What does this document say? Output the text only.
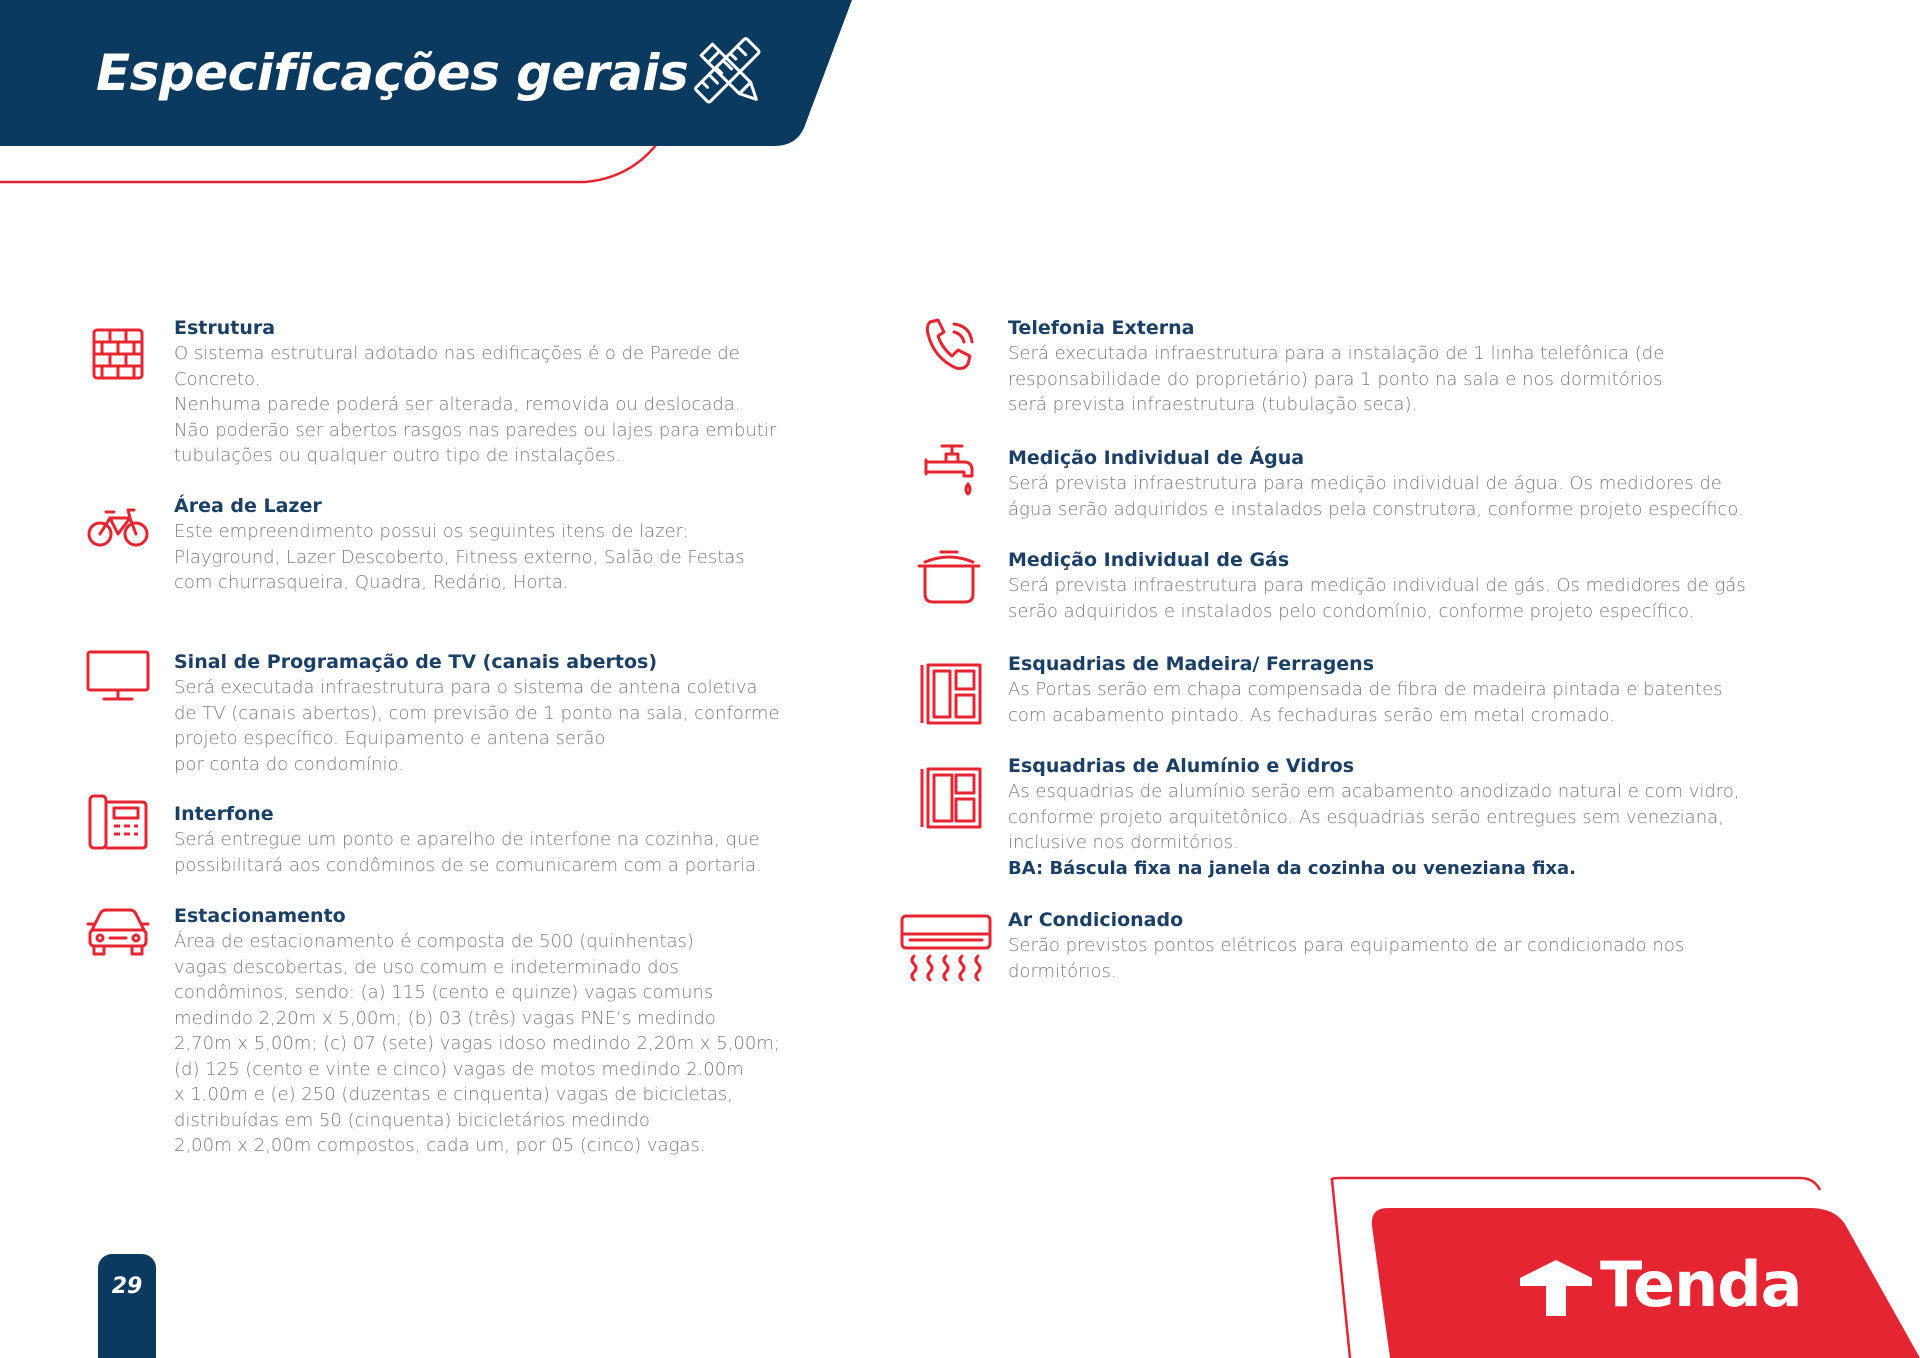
Especificações gerais
Estrutura

O sistema estrutural adotado nas edificações é o de Parede de

Concreto.

Nenhuma parede poderá ser alterada, removida ou deslocada.

Não poderão ser abertos rasgos nas paredes ou lajes para embutir

tubulações ou qualquer outro tipo de instalações.

Área de Lazer

Este empreendimento possui os seguintes itens de lazer:

Playground, Lazer Descoberto, Fitness externo, Salão de Festas

com churrasqueira, Quadra, Redário, Horta.

Sinal de Programação de TV (canais abertos)

Será executada infraestrutura para o sistema de antena coletiva

de TV (canais abertos), com previsão de 1 ponto na sala, conforme

projeto específico. Equipamento e antena serão

por conta do condomínio.

Interfone

Será entregue um ponto e aparelho de interfone na cozinha, que

possibilitará aos condôminos de se comunicarem com a portaria.

Estacionamento

Área de estacionamento é composta de 500 (quinhentas)

vagas descobertas, de uso comum e indeterminado dos

condôminos, sendo: (a) 115 (cento e quinze) vagas comuns

medindo 2,20m x 5,00m; (b) 03 (três) vagas PNE’s medindo

2,70m x 5,00m; (c) 07 (sete) vagas idoso medindo 2,20m x 5,00m;

(d) 125 (cento e vinte e cinco) vagas de motos medindo 2.00m

x 1.00m e (e) 250 (duzentas e cinquenta) vagas de bicicletas,

distribuídas em 50 (cinquenta) bicicletários medindo

2,00m x 2,00m compostos, cada um, por 05 (cinco) vagas.

Telefonia Externa

Será executada infraestrutura para a instalação de 1 linha telefônica (de

responsabilidade do proprietário) para 1 ponto na sala e nos dormitórios

será prevista infraestrutura (tubulação seca).

Medição Individual de Água

Será prevista infraestrutura para medição individual de água. Os medidores de

água serão adquiridos e instalados pela construtora, conforme projeto específico.

Medição Individual de Gás

Será prevista infraestrutura para medição individual de gás. Os medidores de gás

serão adquiridos e instalados pelo condomínio, conforme projeto específico.

Esquadrias de Madeira/ Ferragens

As Portas serão em chapa compensada de fibra de madeira pintada e batentes

com acabamento pintado. As fechaduras serão em metal cromado.

Esquadrias de Alumínio e Vidros

As esquadrias de alumínio serão em acabamento anodizado natural e com vidro,

conforme projeto arquitetônico. As esquadrias serão entregues sem veneziana,

inclusive nos dormitórios.

BA: Báscula fixa na janela da cozinha ou veneziana fixa.

Ar Condicionado

Serão previstos pontos elétricos para equipamento de ar condicionado nos

dormitórios.

29	Tenda
